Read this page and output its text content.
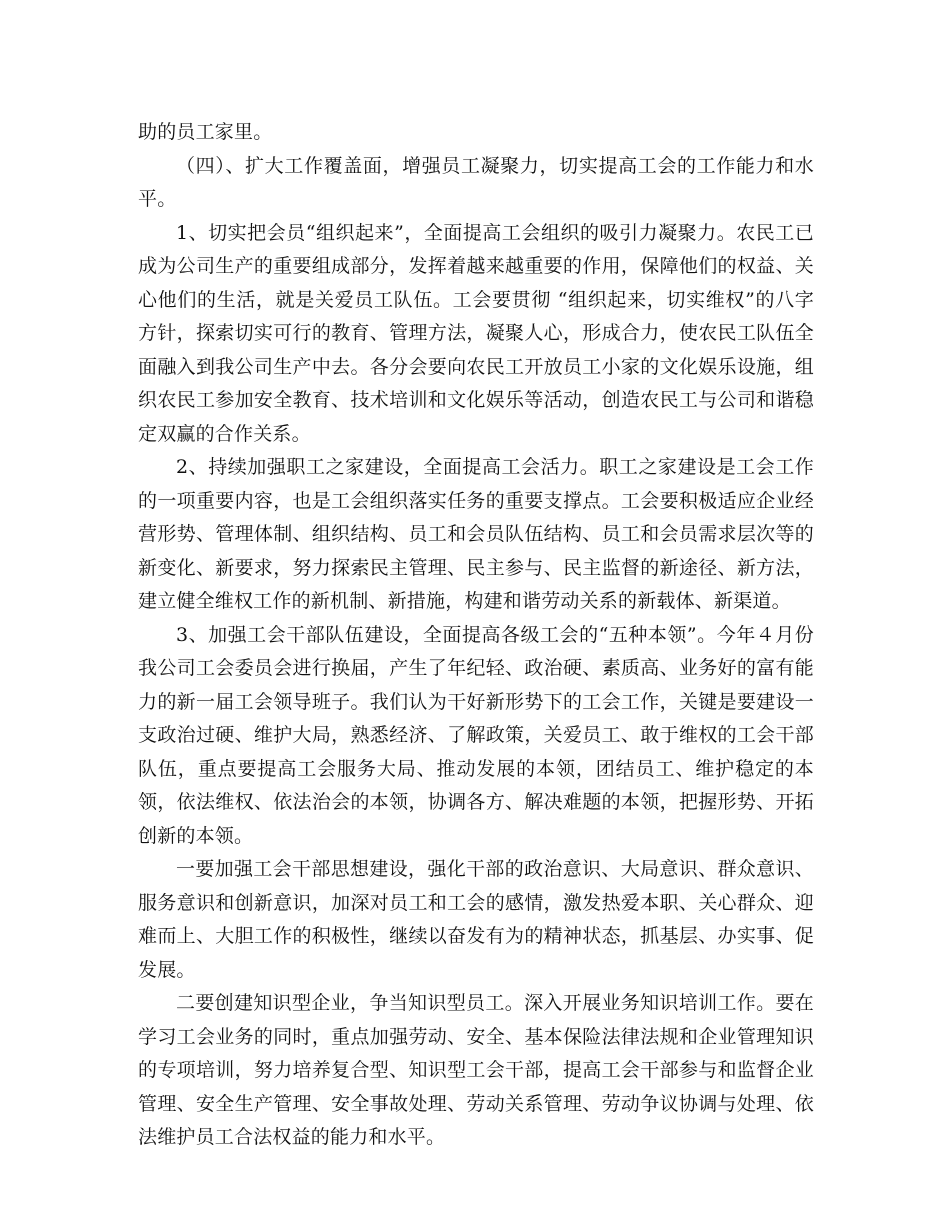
助的员工家里。

（四）、扩大工作覆盖面，增强员工凝聚力，切实提高工会的工作能力和水平。

1、切实把会员“组织起来”，全面提高工会组织的吸引力凝聚力。农民工已成为公司生产的重要组成部分，发挥着越来越重要的作用，保障他们的权益、关心他们的生活，就是关爱员工队伍。工会要贯彻 “组织起来，切实维权”的八字方针，探索切实可行的教育、管理方法，凝聚人心，形成合力，使农民工队伍全面融入到我公司生产中去。各分会要向农民工开放员工小家的文化娱乐设施，组织农民工参加安全教育、技术培训和文化娱乐等活动，创造农民工与公司和谐稳定双赢的合作关系。

2、持续加强职工之家建设，全面提高工会活力。职工之家建设是工会工作的一项重要内容，也是工会组织落实任务的重要支撑点。工会要积极适应企业经营形势、管理体制、组织结构、员工和会员队伍结构、员工和会员需求层次等的新变化、新要求，努力探索民主管理、民主参与、民主监督的新途径、新方法，建立健全维权工作的新机制、新措施，构建和谐劳动关系的新载体、新渠道。

3、加强工会干部队伍建设，全面提高各级工会的“五种本领”。今年４月份我公司工会委员会进行换届，产生了年纪轻、政治硬、素质高、业务好的富有能力的新一届工会领导班子。我们认为干好新形势下的工会工作，关键是要建设一支政治过硬、维护大局，熟悉经济、了解政策，关爱员工、敢于维权的工会干部队伍，重点要提高工会服务大局、推动发展的本领，团结员工、维护稳定的本领，依法维权、依法治会的本领，协调各方、解决难题的本领，把握形势、开拓创新的本领。

一要加强工会干部思想建设，强化干部的政治意识、大局意识、群众意识、服务意识和创新意识，加深对员工和工会的感情，激发热爱本职、关心群众、迎难而上、大胆工作的积极性，继续以奋发有为的精神状态，抓基层、办实事、促发展。

二要创建知识型企业，争当知识型员工。深入开展业务知识培训工作。要在学习工会业务的同时，重点加强劳动、安全、基本保险法律法规和企业管理知识的专项培训，努力培养复合型、知识型工会干部，提高工会干部参与和监督企业管理、安全生产管理、安全事故处理、劳动关系管理、劳动争议协调与处理、依法维护员工合法权益的能力和水平。
